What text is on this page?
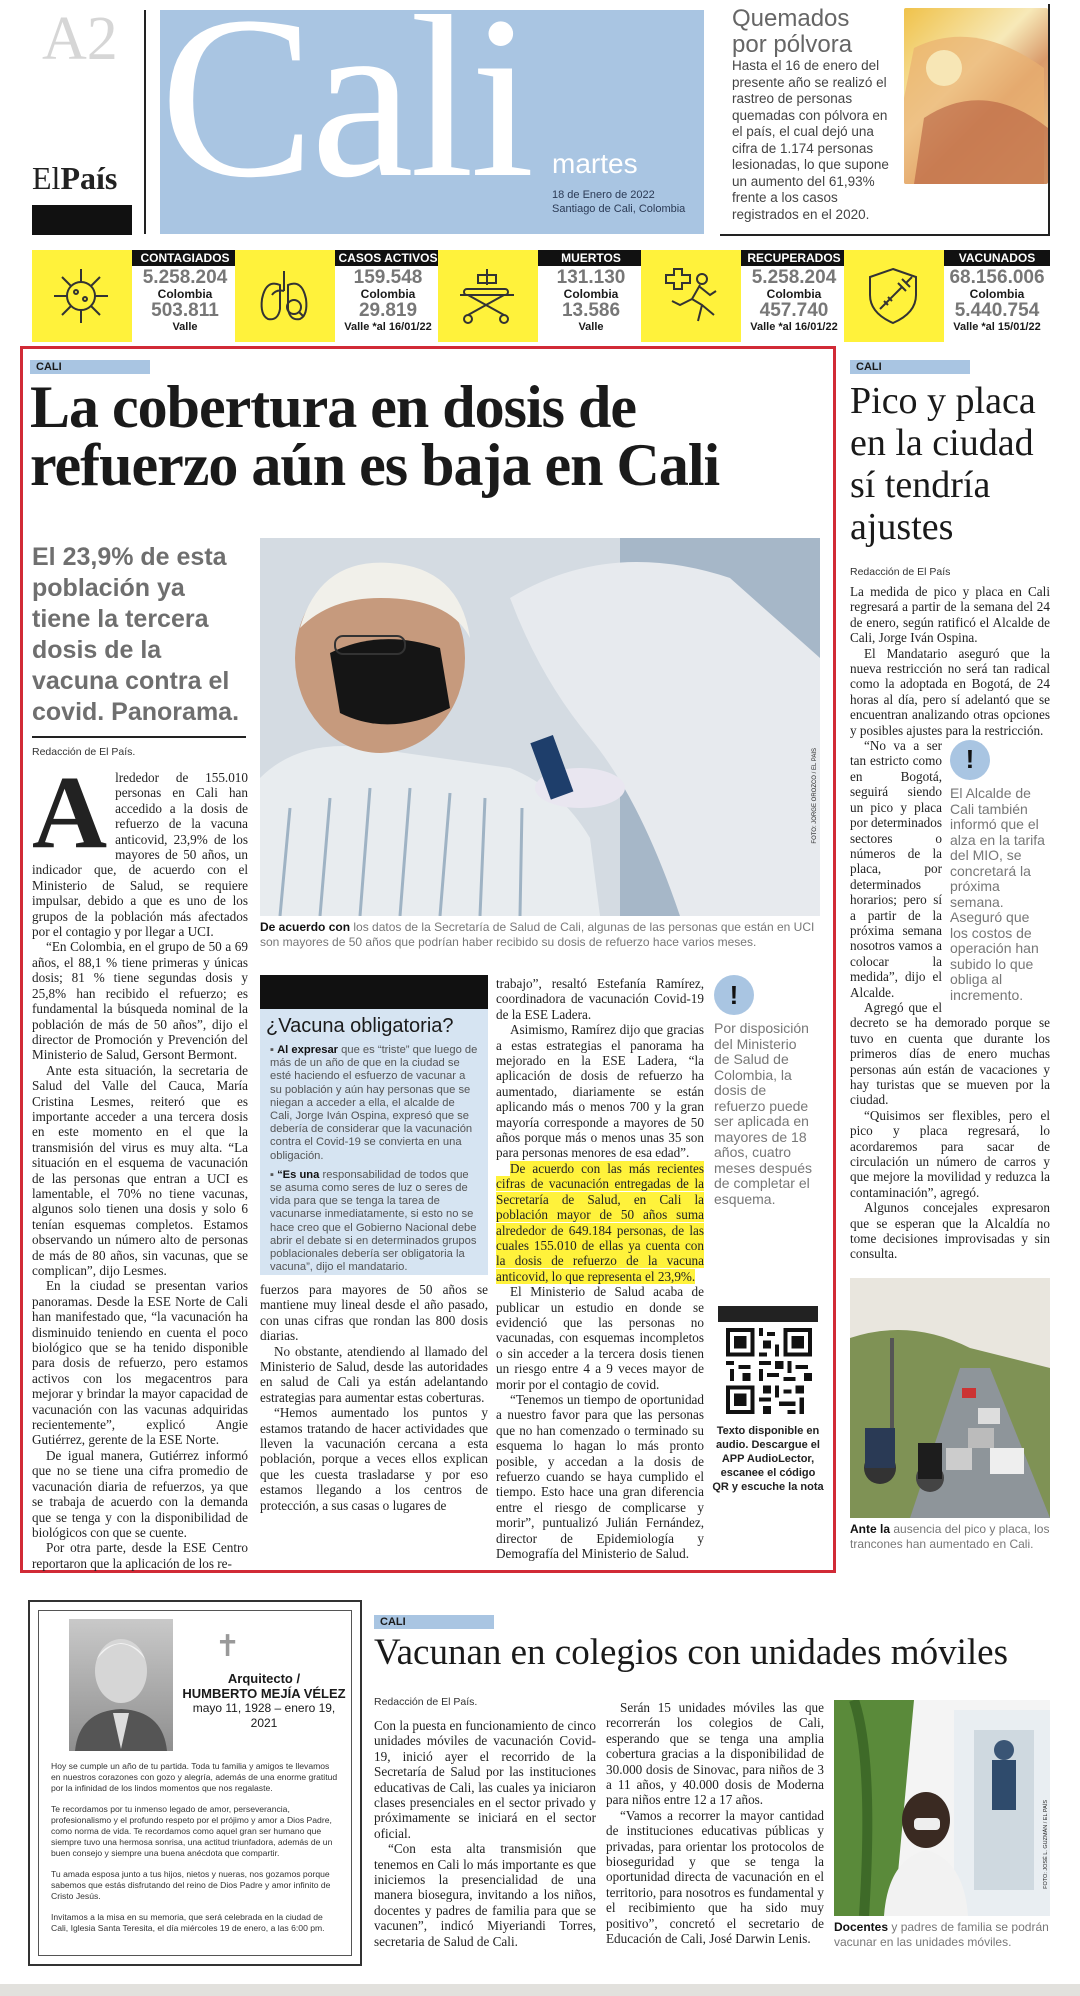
A2
ElPaís Cali martes
18 de Enero de 2022
Santiago de Cali, Colombia
Quemados
por pólvora

Hasta el 16 de enero del presente año se realizó el rastreo de personas quemadas con pólvora en el país, el cual dejó una cifra de 1.174 personas lesionadas, lo que supone un aumento del 61,93% frente a los casos registrados en el 2020.

CONTAGIADOS
5.258.204
Colombia
503.811
Valle
CASOS ACTIVOS
159.548
Colombia
29.819
Valle *al 16/01/22
MUERTOS
131.130
Colombia
13.586
Valle
RECUPERADOS
5.258.204
Colombia
457.740
Valle *al 16/01/22
VACUNADOS
68.156.006
Colombia
5.440.754
Valle *al 15/01/22
CALI
La cobertura en dosis de refuerzo aún es baja en Cali
El 23,9% de esta población ya tiene la tercera dosis de la vacuna contra el covid. Panorama.
Redacción de El País.
Alrededor de 155.010 personas en Cali han accedido a la dosis de refuerzo de la vacuna anticovid, 23,9% de los mayores de 50 años, un indicador que, de acuerdo con el Ministerio de Salud, se requiere impulsar, debido a que es uno de los grupos de la población más afectados por el contagio y por llegar a UCI.

“En Colombia, en el grupo de 50 a 69 años, el 88,1 % tiene primeras y únicas dosis; 81 % tiene segundas dosis y 25,8% han recibido el refuerzo; es fundamental la búsqueda nominal de la población de más de 50 años”, dijo el director de Promoción y Prevención del Ministerio de Salud, Gersont Bermont.

Ante esta situación, la secretaria de Salud del Valle del Cauca, María Cristina Lesmes, reiteró que es importante acceder a una tercera dosis en este momento en el que la transmisión del virus es muy alta. “La situación en el esquema de vacunación de las personas que entran a UCI es lamentable, el 70% no tiene vacunas, algunos solo tienen una dosis y solo 6 tenían esquemas completos. Estamos observando un número alto de personas de más de 80 años, sin vacunas, que se complican”, dijo Lesmes.

En la ciudad se presentan varios panoramas. Desde la ESE Norte de Cali han manifestado que, “la vacunación ha disminuido teniendo en cuenta el poco biológico que se ha tenido disponible para dosis de refuerzo, pero estamos activos con los megacentros para mejorar y brindar la mayor capacidad de vacunación con las vacunas adquiridas recientemente”, explicó Angie Gutiérrez, gerente de la ESE Norte.

De igual manera, Gutiérrez informó que no se tiene una cifra promedio de vacunación diaria de refuerzos, ya que se trabaja de acuerdo con la demanda que se tenga y con la disponibilidad de biológicos con que se cuente.

Por otra parte, desde la ESE Centro reportaron que la aplicación de los re-

FOTO: JORGE OROZCO / EL PAÍS
De acuerdo con los datos de la Secretaría de Salud de Cali, algunas de las personas que están en UCI son mayores de 50 años que podrían haber recibido su dosis de refuerzo hace varios meses.
¿Vacuna obligatoria?
▪ Al expresar que es “triste” que luego de más de un año de que en la ciudad se esté haciendo el esfuerzo de vacunar a su población y aún hay personas que se niegan a acceder a ella, el alcalde de Cali, Jorge Iván Ospina, expresó que se debería de considerar que la vacunación contra el Covid-19 se convierta en una obligación.
▪ “Es una responsabilidad de todos que se asuma como seres de luz o seres de vida para que se tenga la tarea de vacunarse inmediatamente, si esto no se hace creo que el Gobierno Nacional debe abrir el debate si en determinados grupos poblacionales debería ser obligatoria la vacuna”, dijo el mandatario.
fuerzos para mayores de 50 años se mantiene muy lineal desde el año pasado, con unas cifras que rondan las 800 dosis diarias.

No obstante, atendiendo al llamado del Ministerio de Salud, desde las autoridades en salud de Cali ya están adelantando estrategias para aumentar estas coberturas.

“Hemos aumentado los puntos y estamos tratando de hacer actividades que lleven la vacunación cercana a esta población, porque a veces ellos explican que les cuesta trasladarse y por eso estamos llegando a los centros de protección, a sus casas o lugares de

trabajo”, resaltó Estefanía Ramírez, coordinadora de vacunación Covid-19 de la ESE Ladera.

Asimismo, Ramírez dijo que gracias a estas estrategias el panorama ha mejorado en la ESE Ladera, “la aplicación de dosis de refuerzo ha aumentado, diariamente se están aplicando más o menos 700 y la gran mayoría corresponde a mayores de 50 años porque más o menos unas 35 son para personas menores de esa edad”.

De acuerdo con las más recientes cifras de vacunación entregadas de la Secretaría de Salud, en Cali la población mayor de 50 años suma alrededor de 649.184 personas, de las cuales 155.010 de ellas ya cuenta con la dosis de refuerzo de la vacuna anticovid, lo que representa el 23,9%.

El Ministerio de Salud acaba de publicar un estudio en donde se evidenció que las personas no vacunadas, con esquemas incompletos o sin acceder a la tercera dosis tienen un riesgo entre 4 a 9 veces mayor de morir por el contagio de covid.

“Tenemos un tiempo de oportunidad a nuestro favor para que las personas que no han comenzado o terminado su esquema lo hagan lo más pronto posible, y accedan a la dosis de refuerzo cuando se haya cumplido el tiempo. Esto hace una gran diferencia entre el riesgo de complicarse y morir”, puntualizó Julián Fernández, director de Epidemiología y Demografía del Ministerio de Salud.

!

Por disposición del Ministerio de Salud de Colombia, la dosis de refuerzo puede ser aplicada en mayores de 18 años, cuatro meses después de completar el esquema.

Texto disponible en audio. Descargue el APP AudioLector, escanee el código QR y escuche la nota
CALI
Pico y placa en la ciudad sí tendría ajustes
Redacción de El País
La medida de pico y placa en Cali regresará a partir de la semana del 24 de enero, según ratificó el Alcalde de Cali, Jorge Iván Ospina.

El Mandatario aseguró que la nueva restricción no será tan radical como la adoptada en Bogotá, de 24 horas al día, pero sí adelantó que se encuentran analizando otras opciones y posibles ajustes para la restricción.

!
El Alcalde de Cali también informó que el alza en la tarifa del MIO, se concretará la próxima semana. Aseguró que los costos de operación han subido lo que obliga al incremento.

“No va a ser tan estricto como en Bogotá, seguirá siendo un pico y placa por determinados sectores o números de la placa, por determinados horarios; pero sí a partir de la próxima semana nosotros vamos a colocar la medida”, dijo el Alcalde.

Agregó que el decreto se ha demorado porque se tuvo en cuenta que durante los primeros días de enero muchas personas aún están de vacaciones y hay turistas que se mueven por la ciudad.

“Quisimos ser flexibles, pero el pico y placa regresará, lo acordaremos para sacar de circulación un número de carros y que mejore la movilidad y reduzca la contaminación”, agregó.

Algunos concejales expresaron que se esperan que la Alcaldía no tome decisiones improvisadas y sin consulta.

Ante la ausencia del pico y placa, los trancones han aumentado en Cali.
✝
Arquitecto /
HUMBERTO MEJÍA VÉLEZ
mayo 11, 1928 – enero 19, 2021

Hoy se cumple un año de tu partida. Toda tu familia y amigos te llevamos en nuestros corazones con gozo y alegría, además de una enorme gratitud por la infinidad de los lindos momentos que nos regalaste.

Te recordamos por tu inmenso legado de amor, perseverancia, profesionalismo y el profundo respeto por el prójimo y amor a Dios Padre, como norma de vida. Te recordamos como aquel gran ser humano que siempre tuvo una hermosa sonrisa, una actitud triunfadora, además de un buen consejo y siempre una buena anécdota que compartir.

Tu amada esposa junto a tus hijos, nietos y nueras, nos gozamos porque sabemos que estás disfrutando del reino de Dios Padre y amor infinito de Cristo Jesús.

Invitamos a la misa en su memoria, que será celebrada en la ciudad de Cali, Iglesia Santa Teresita, el día miércoles 19 de enero, a las 6:00 pm.

CALI
Vacunan en colegios con unidades móviles
Redacción de El País.
Con la puesta en funcionamiento de cinco unidades móviles de vacunación Covid-19, inició ayer el recorrido de la Secretaría de Salud por las instituciones educativas de Cali, las cuales ya iniciaron clases presenciales en el sector privado y próximamente se iniciará en el sector oficial.

“Con esta alta transmisión que tenemos en Cali lo más importante es que iniciemos la presencialidad de una manera biosegura, invitando a los niños, docentes y padres de familia para que se vacunen”, indicó Miyeriandi Torres, secretaria de Salud de Cali.

Serán 15 unidades móviles las que recorrerán los colegios de Cali, esperando que se tenga una amplia cobertura gracias a la disponibilidad de 30.000 dosis de Sinovac, para niños de 3 a 11 años, y 40.000 dosis de Moderna para niños entre 12 a 17 años.

“Vamos a recorrer la mayor cantidad de instituciones educativas públicas y privadas, para orientar los protocolos de bioseguridad y que se tenga la oportunidad directa de vacunación en el territorio, para nosotros es fundamental y el recibimiento que ha sido muy positivo”, concretó el secretario de Educación de Cali, José Darwin Lenis.

FOTO: JOSÉ L. GUZMÁN / EL PAÍS
Docentes y padres de familia se podrán vacunar en las unidades móviles.
